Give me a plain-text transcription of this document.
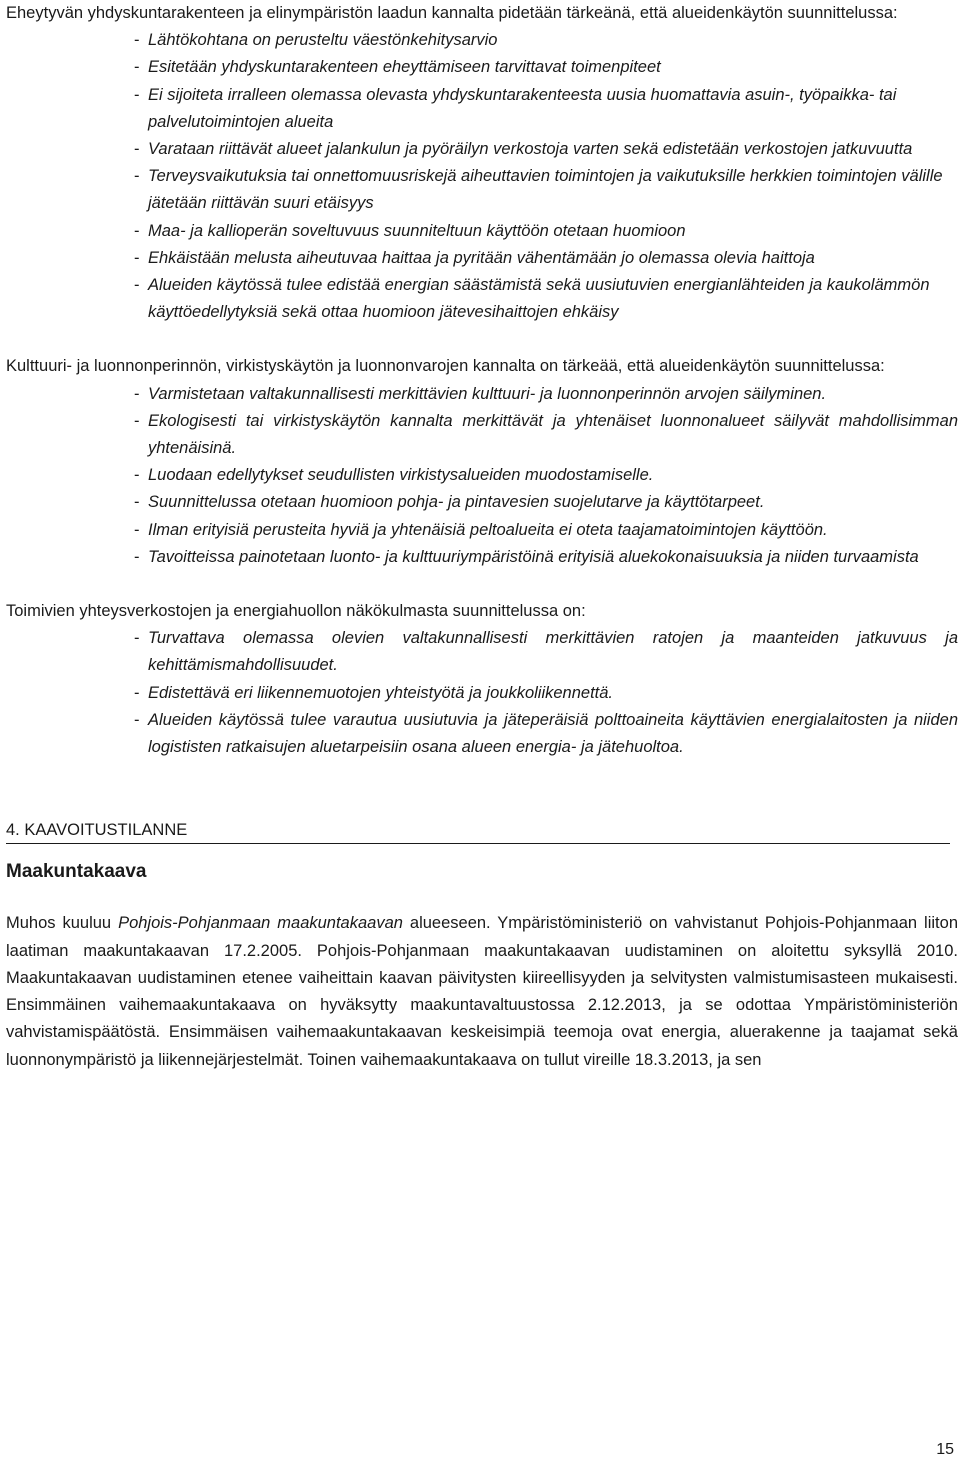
Eheytyvän yhdyskuntarakenteen ja elinympäristön laadun kannalta pidetään tärkeänä, että alueidenkäytön suunnittelussa:

- Lähtökohtana on perusteltu väestönkehitysarvio
- Esitetään yhdyskuntarakenteen eheyttämiseen tarvittavat toimenpiteet
- Ei sijoiteta irralleen olemassa olevasta yhdyskuntarakenteesta uusia huomattavia asuin-, työpaikka- tai palvelutoimintojen alueita
- Varataan riittävät alueet jalankulun ja pyöräilyn verkostoja varten sekä edistetään verkostojen jatkuvuutta
- Terveysvaikutuksia tai onnettomuusriskejä aiheuttavien toimintojen ja vaikutuksille herkkien toimintojen välille jätetään riittävän suuri etäisyys
- Maa- ja kallioperän soveltuvuus suunniteltuun käyttöön otetaan huomioon
- Ehkäistään melusta aiheutuvaa haittaa ja pyritään vähentämään jo olemassa olevia haittoja
- Alueiden käytössä tulee edistää energian säästämistä sekä uusiutuvien energianlähteiden ja kaukolämmön käyttöedellytyksiä sekä ottaa huomioon jätevesihaittojen ehkäisy

Kulttuuri- ja luonnonperinnön, virkistyskäytön ja luonnonvarojen kannalta on tärkeää, että alueidenkäytön suunnittelussa:

- Varmistetaan valtakunnallisesti merkittävien kulttuuri- ja luonnonperinnön arvojen säilyminen.
- Ekologisesti tai virkistyskäytön kannalta merkittävät ja yhtenäiset luonnonalueet säilyvät mahdollisimman yhtenäisinä.
- Luodaan edellytykset seudullisten virkistysalueiden muodostamiselle.
- Suunnittelussa otetaan huomioon pohja- ja pintavesien suojelutarve ja käyttötarpeet.
- Ilman erityisiä perusteita hyviä ja yhtenäisiä peltoalueita ei oteta taajamatoimintojen käyttöön.
- Tavoitteissa painotetaan luonto- ja kulttuuriympäristöinä erityisiä aluekokonaisuuksia ja niiden turvaamista

Toimivien yhteysverkostojen ja energiahuollon näkökulmasta suunnittelussa on:

- Turvattava olemassa olevien valtakunnallisesti merkittävien ratojen ja maanteiden jatkuvuus ja kehittämismahdollisuudet.
- Edistettävä eri liikennemuotojen yhteistyötä ja joukkoliikennettä.
- Alueiden käytössä tulee varautua uusiutuvia ja jäteperäisiä polttoaineita käyttävien energialaitosten ja niiden logististen ratkaisujen aluetarpeisiin osana alueen energia- ja jätehuoltoa.
4. KAAVOITUSTILANNE

Maakuntakaava

Muhos kuuluu Pohjois-Pohjanmaan maakuntakaavan alueeseen. Ympäristöministeriö on vahvistanut Pohjois-Pohjanmaan liiton laatiman maakuntakaavan 17.2.2005. Pohjois-Pohjanmaan maakuntakaavan uudistaminen on aloitettu syksyllä 2010. Maakuntakaavan uudistaminen etenee vaiheittain kaavan päivitysten kiireellisyyden ja selvitysten valmistumisasteen mukaisesti. Ensimmäinen vaihemaakuntakaava on hyväksytty maakuntavaltuustossa 2.12.2013, ja se odottaa Ympäristöministeriön vahvistamispäätöstä. Ensimmäisen vaihemaakuntakaavan keskeisimpiä teemoja ovat energia, aluerakenne ja taajamat sekä luonnonympäristö ja liikennejärjestelmät. Toinen vaihemaakuntakaava on tullut vireille 18.3.2013, ja sen

15
